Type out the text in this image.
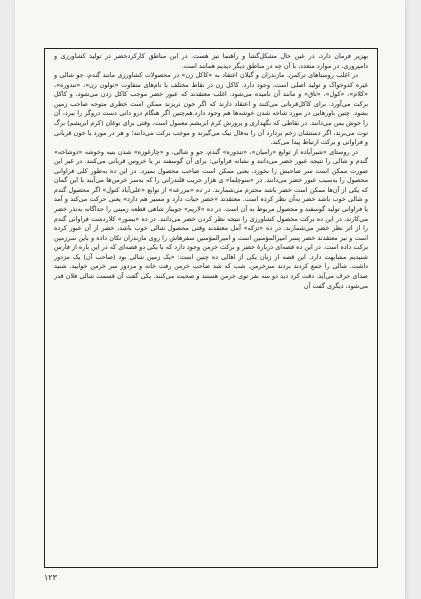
بهزیر فرمان دارد، در عین حال مشکل‌گشا و راهنما نیز هست. در این مناطق کارکردخضر در تولید کشاورزی و دامپروری، در موارد متعدد، با آن چه در مناطق دیگر دیدیم همانند است.

در اغلب روستاهای ترکمن، مازندران و گیلان اعتقاد به «کاکل زن» در محصولات کشاورزی مانند گندم، جو شالی و غیره کدوخواک و تولید اصلی است، وجود دارد. کاکل زن در نقاط مختلف با نام‌های متفاوت «تولون زن»، «تندوره»، «کلام»، «کول»، «تاق» و مانند آن نامیده می‌شود. اغلب معتقدند که عبور خضر موجب کاکل زدن می‌شود، و کاکل برکت می‌آورد. برای کاکل‌قربانی می‌کنند و اعتقاد دارند که اگر خون نریزند ممکن است خطری متوجه صاحب زمین بشود. چنین باورهایی در مورد شاخه شدن خوشه‌ها هم وجود دارد.هم‌چنین اگر هنگام درو دانی دست دروگر را ببرد، آن را خوش یمن می‌دانند. در نقاطی که نگهداری و پرورش کرم ابریشم معمول است، وقتی برای نوغان (کرم ابریشم) برگ توت می‌برند، اگر دستشان زخم بردارد آن را به‌فال نیک می‌گیرند و موجب برکت می‌دانند؛ و هر در مورد با خون قربانی و فراوانی و برکت ارتباط پیدا می‌کند.

در روستای «شیرآباده از توابع «رامیان»، «تندوره» گندم، جو و شالی، و «چارغوزه» شدن بنیه وخوشه «دوشاخه» گندم و شالی را نتیجه عبور خضر می‌دانند و نشانه فراوانی: برای آن گوسفند نر یا خروس قربانی می‌کنند. در غیر این صورت ممکن است سر صاحبش را بخورد، یعنی ممکن است صاحب محصول بمیرد. در این ده به‌طور کلی فراوانی محصول را به‌سبب عبور خضر می‌دانند. در «سوچلما» ی هزار جریب قلندرانی را که به‌سر خرمن‌ها می‌آیند با این گمان که یکی از آن‌ها ممکن است خضر باشد محترم می‌شمارند. در ده «مزرعه» از توابع «علی‌آباد کتول» اگر محصول گندم و شالی خوب باشد خضر به‌آن نظر کرده است. معتقدند «خضر حیات دارد و مسیر هم دارد» یعنی حرکت می‌کند و آمد یا فراوانی تولید گوسفند و محصول مربوط به آن است. در ده «لاریم» جویبار شاهی قطعه زمینی را جداگانه به‌نذر خضر می‌کارند. در این ده برکت محصول کشاورزی را نتیجه نظر کردن خضر می‌دانند. در ده «بیمور» کلاردشت فراوانی گندم را از اثر نظر خضر می‌شمارند. در ده «تزکه» آمل معتقدند وقتی محصول شالی خوب باشد، خضر از آن عبور کرده است و نیز معتقدند خضر پسر امیرالمؤمنین است و امیرالمؤمنین سفرهاش را روی مازندران تکان داده و باین سرزمین برکت داده است. در این ده قصه‌ای دربارۀ خضر و برکت خرمن وجود دارد که با یکی دو قصه‌ای که در این باره از فارس شنیدیم مشابهت دارد. این قصه از زبان یکی از اهالی ده چنین است: «یک زمین شالی بود (صاحب آن) یک مزدور داشت. شالی را جمع کردند بردند سرخرمن. شب که شد صاحب خرمن رفت خانه و مزدور سر خرمن خوابید. شنید صدای حرف می‌آید. دقت کرد دید دو سه نفر توی خرمن هستند و صحبت می‌کنند. یکی گفت آن قسمت شالی فلان قدر می‌شود، دیگری گفت آن

۱۲۳
